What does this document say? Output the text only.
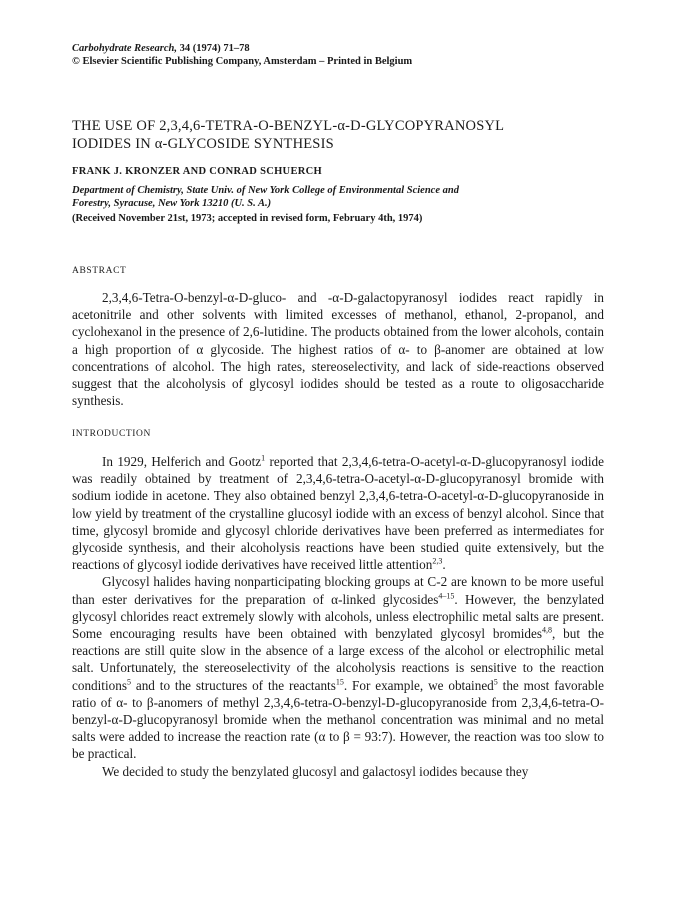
Carbohydrate Research, 34 (1974) 71–78
© Elsevier Scientific Publishing Company, Amsterdam – Printed in Belgium
THE USE OF 2,3,4,6-TETRA-O-BENZYL-α-D-GLYCOPYRANOSYL
IODIDES IN α-GLYCOSIDE SYNTHESIS
FRANK J. KRONZER AND CONRAD SCHUERCH
Department of Chemistry, State Univ. of New York College of Environmental Science and
Forestry, Syracuse, New York 13210 (U. S. A.)
(Received November 21st, 1973; accepted in revised form, February 4th, 1974)
ABSTRACT

2,3,4,6-Tetra-O-benzyl-α-D-gluco- and -α-D-galactopyranosyl iodides react rapidly in acetonitrile and other solvents with limited excesses of methanol, ethanol, 2-propanol, and cyclohexanol in the presence of 2,6-lutidine. The products obtained from the lower alcohols, contain a high proportion of α glycoside. The highest ratios of α- to β-anomer are obtained at low concentrations of alcohol. The high rates, stereoselectivity, and lack of side-reactions observed suggest that the alcoholysis of glycosyl iodides should be tested as a route to oligosaccharide synthesis.

INTRODUCTION

In 1929, Helferich and Gootz$^1$ reported that 2,3,4,6-tetra-O-acetyl-α-D-glucopyranosyl iodide was readily obtained by treatment of 2,3,4,6-tetra-O-acetyl-α-D-glucopyranosyl bromide with sodium iodide in acetone. They also obtained benzyl 2,3,4,6-tetra-O-acetyl-α-D-glucopyranoside in low yield by treatment of the crystalline glucosyl iodide with an excess of benzyl alcohol. Since that time, glycosyl bromide and glycosyl chloride derivatives have been preferred as intermediates for glycoside synthesis, and their alcoholysis reactions have been studied quite extensively, but the reactions of glycosyl iodide derivatives have received little attention$^{2,3}$.

Glycosyl halides having nonparticipating blocking groups at C-2 are known to be more useful than ester derivatives for the preparation of α-linked glycosides$^{4-15}$. However, the benzylated glycosyl chlorides react extremely slowly with alcohols, unless electrophilic metal salts are present. Some encouraging results have been obtained with benzylated glycosyl bromides$^{4,8}$, but the reactions are still quite slow in the absence of a large excess of the alcohol or electrophilic metal salt. Unfortunately, the stereoselectivity of the alcoholysis reactions is sensitive to the reaction conditions$^5$ and to the structures of the reactants$^{15}$. For example, we obtained$^5$ the most favorable ratio of α- to β-anomers of methyl 2,3,4,6-tetra-O-benzyl-D-glucopyranoside from 2,3,4,6-tetra-O-benzyl-α-D-glucopyranosyl bromide when the methanol concentration was minimal and no metal salts were added to increase the reaction rate (α to β = 93:7). However, the reaction was too slow to be practical.

We decided to study the benzylated glucosyl and galactosyl iodides because they
